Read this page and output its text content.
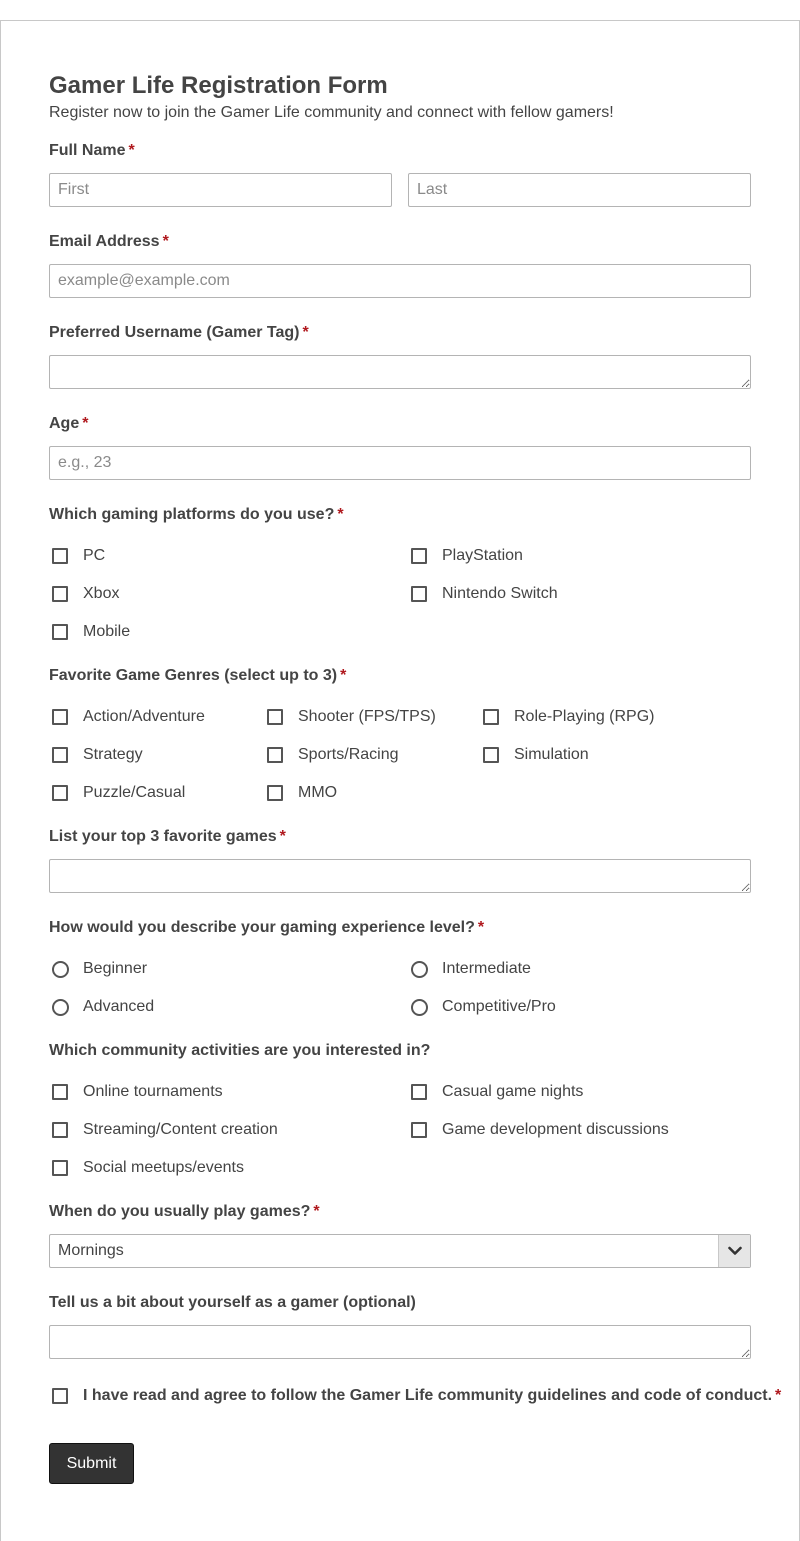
Gamer Life Registration Form
Register now to join the Gamer Life community and connect with fellow gamers!
Full Name *
First
Last
Email Address *
example@example.com
Preferred Username (Gamer Tag) *
Age *
e.g., 23
Which gaming platforms do you use? *
PC	PlayStation
Xbox	Nintendo Switch
Mobile
Favorite Game Genres (select up to 3) *
Action/Adventure	Shooter (FPS/TPS)	Role-Playing (RPG)
Strategy	Sports/Racing	Simulation
Puzzle/Casual	MMO
List your top 3 favorite games *
How would you describe your gaming experience level? *
Beginner	Intermediate
Advanced	Competitive/Pro
Which community activities are you interested in?
Online tournaments	Casual game nights
Streaming/Content creation	Game development discussions
Social meetups/events
When do you usually play games? *
Mornings
Tell us a bit about yourself as a gamer (optional)
I have read and agree to follow the Gamer Life community guidelines and code of conduct. *
Submit
